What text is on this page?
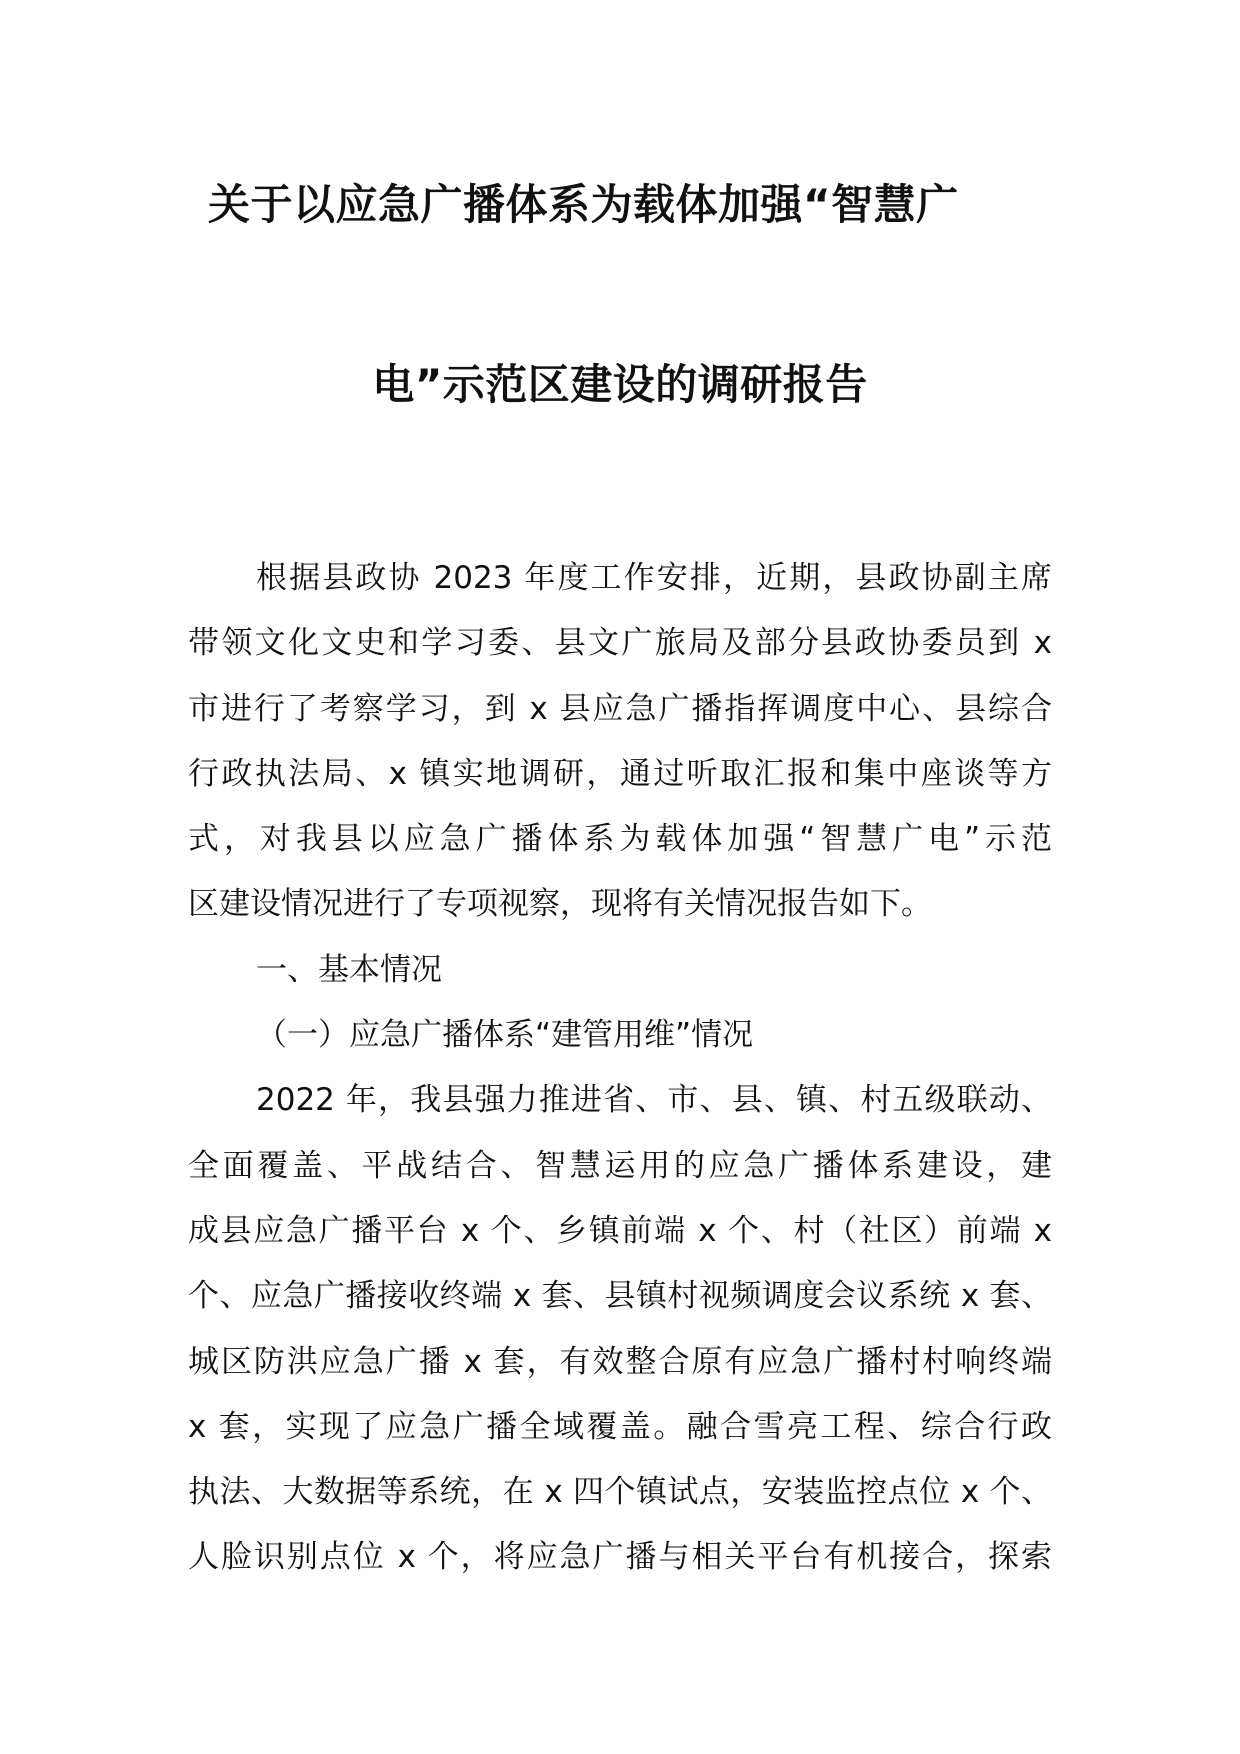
关于以应急广播体系为载体加强“智慧广
电”示范区建设的调研报告
根据县政协 2023 年度工作安排，近期，县政协副主席
带领文化文史和学习委、县文广旅局及部分县政协委员到 x
市进行了考察学习，到 x 县应急广播指挥调度中心、县综合
行政执法局、x 镇实地调研，通过听取汇报和集中座谈等方
式，对我县以应急广播体系为载体加强“智慧广电”示范
区建设情况进行了专项视察，现将有关情况报告如下。
一、基本情况
（一）应急广播体系“建管用维”情况
2022 年，我县强力推进省、市、县、镇、村五级联动、
全面覆盖、平战结合、智慧运用的应急广播体系建设，建
成县应急广播平台 x 个、乡镇前端 x 个、村（社区）前端 x
个、应急广播接收终端 x 套、县镇村视频调度会议系统 x 套、
城区防洪应急广播 x 套，有效整合原有应急广播村村响终端
x 套，实现了应急广播全域覆盖。融合雪亮工程、综合行政
执法、大数据等系统，在 x 四个镇试点，安装监控点位 x 个、
人脸识别点位 x 个，将应急广播与相关平台有机接合，探索
